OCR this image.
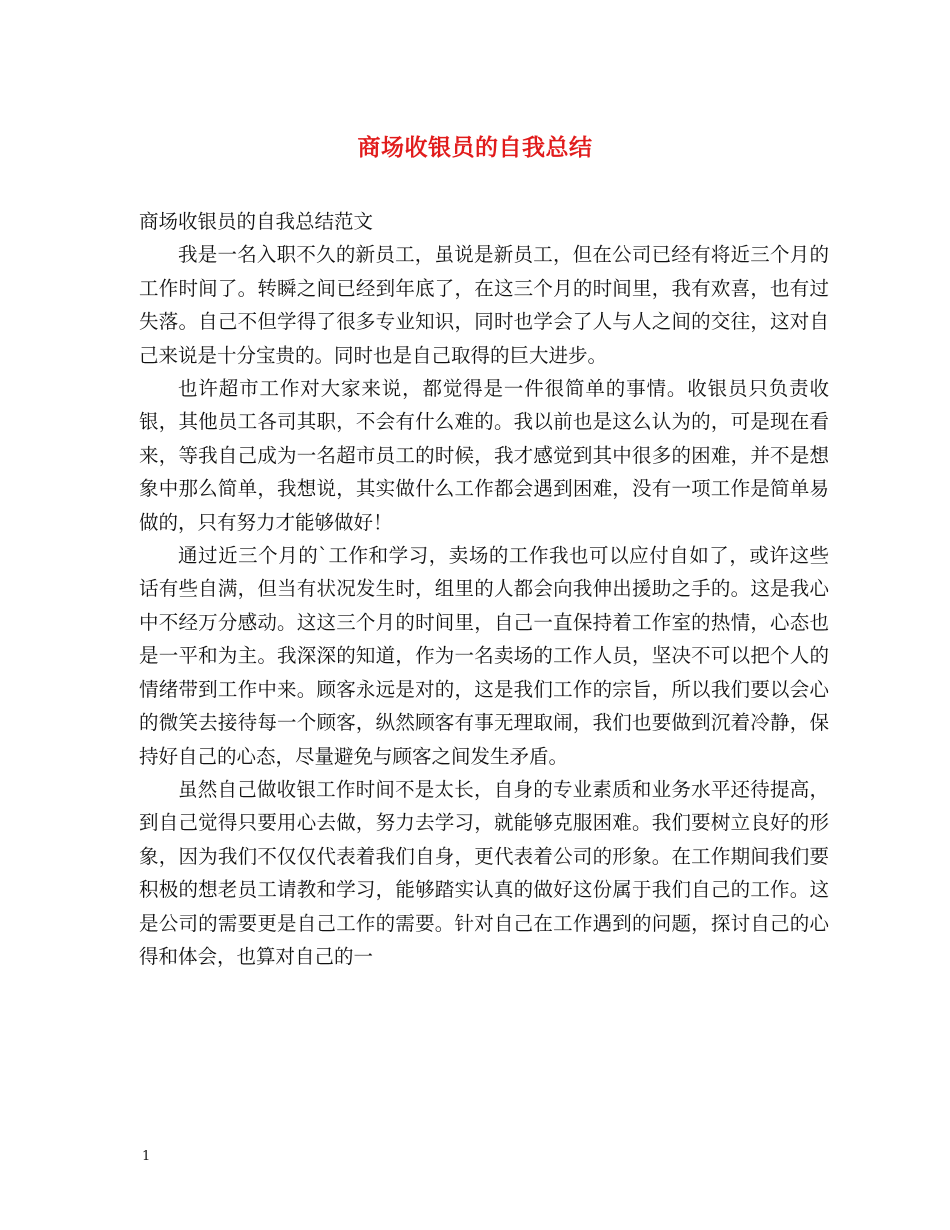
商场收银员的自我总结

商场收银员的自我总结范文

我是一名入职不久的新员工，虽说是新员工，但在公司已经有将近三个月的工作时间了。转瞬之间已经到年底了，在这三个月的时间里，我有欢喜，也有过失落。自己不但学得了很多专业知识，同时也学会了人与人之间的交往，这对自己来说是十分宝贵的。同时也是自己取得的巨大进步。

也许超市工作对大家来说，都觉得是一件很简单的事情。收银员只负责收银，其他员工各司其职，不会有什么难的。我以前也是这么认为的，可是现在看来，等我自己成为一名超市员工的时候，我才感觉到其中很多的困难，并不是想象中那么简单，我想说，其实做什么工作都会遇到困难，没有一项工作是简单易做的，只有努力才能够做好！

通过近三个月的`工作和学习，卖场的工作我也可以应付自如了，或许这些话有些自满，但当有状况发生时，组里的人都会向我伸出援助之手的。这是我心中不经万分感动。这这三个月的时间里，自己一直保持着工作室的热情，心态也是一平和为主。我深深的知道，作为一名卖场的工作人员，坚决不可以把个人的情绪带到工作中来。顾客永远是对的，这是我们工作的宗旨，所以我们要以会心的微笑去接待每一个顾客，纵然顾客有事无理取闹，我们也要做到沉着冷静，保持好自己的心态，尽量避免与顾客之间发生矛盾。

虽然自己做收银工作时间不是太长，自身的专业素质和业务水平还待提高，到自己觉得只要用心去做，努力去学习，就能够克服困难。我们要树立良好的形象，因为我们不仅仅代表着我们自身，更代表着公司的形象。在工作期间我们要积极的想老员工请教和学习，能够踏实认真的做好这份属于我们自己的工作。这是公司的需要更是自己工作的需要。针对自己在工作遇到的问题，探讨自己的心得和体会，也算对自己的一

1
